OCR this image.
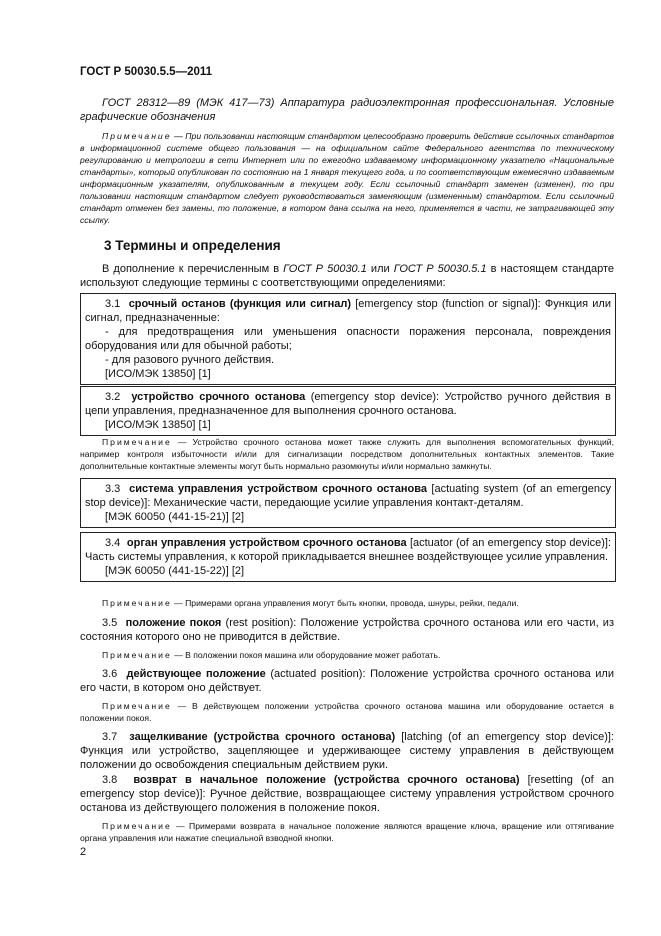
ГОСТ Р 50030.5.5—2011

ГОСТ 28312—89 (МЭК 417—73) Аппаратура радиоэлектронная профессиональная. Условные графические обозначения

Примечание — При пользовании настоящим стандартом целесообразно проверить действие ссылочных стандартов в информационной системе общего пользования — на официальном сайте Федерального агентства по техническому регулированию и метрологии в сети Интернет или по ежегодно издаваемому информационному указателю «Национальные стандарты», который опубликован по состоянию на 1 января текущего года, и по соответствующим ежемесячно издаваемым информационным указателям, опубликованным в текущем году. Если ссылочный стандарт заменен (изменен), то при пользовании настоящим стандартом следует руководствоваться заменяющим (измененным) стандартом. Если ссылочный стандарт отменен без замены, то положение, в котором дана ссылка на него, применяется в части, не затрагивающей эту ссылку.

3 Термины и определения

В дополнение к перечисленным в ГОСТ Р 50030.1 или ГОСТ Р 50030.5.1 в настоящем стандарте используют следующие термины с соответствующими определениями:

3.1 срочный останов (функция или сигнал) [emergency stop (function or signal)]: Функция или сигнал, предназначенные:

- для предотвращения или уменьшения опасности поражения персонала, повреждения оборудования или для обычной работы;

- для разового ручного действия.

[ИСО/МЭК 13850] [1]

3.2 устройство срочного останова (emergency stop device): Устройство ручного действия в цепи управления, предназначенное для выполнения срочного останова.

[ИСО/МЭК 13850] [1]

Примечание — Устройство срочного останова может также служить для выполнения вспомогательных функций, например контроля избыточности и/или для сигнализации посредством дополнительных контактных элементов. Такие дополнительные контактные элементы могут быть нормально разомкнуты и/или нормально замкнуты.

3.3 система управления устройством срочного останова [actuating system (of an emergency stop device)]: Механические части, передающие усилие управления контакт-деталям.

[МЭК 60050 (441-15-21)] [2]

3.4 орган управления устройством срочного останова [actuator (of an emergency stop device)]: Часть системы управления, к которой прикладывается внешнее воздействующее усилие управления.

[МЭК 60050 (441-15-22)] [2]

Примечание — Примерами органа управления могут быть кнопки, провода, шнуры, рейки, педали.

3.5 положение покоя (rest position): Положение устройства срочного останова или его части, из состояния которого оно не приводится в действие.

Примечание — В положении покоя машина или оборудование может работать.

3.6 действующее положение (actuated position): Положение устройства срочного останова или его части, в котором оно действует.

Примечание — В действующем положении устройства срочного останова машина или оборудование остается в положении покоя.

3.7 защелкивание (устройства срочного останова) [latching (of an emergency stop device)]: Функция или устройство, зацепляющее и удерживающее систему управления в действующем положении до освобождения специальным действием руки.

3.8 возврат в начальное положение (устройства срочного останова) [resetting (of an emergency stop device)]: Ручное действие, возвращающее систему управления устройством срочного останова из действующего положения в положение покоя.

Примечание — Примерами возврата в начальное положение являются вращение ключа, вращение или оттягивание органа управления или нажатие специальной взводной кнопки.

2
